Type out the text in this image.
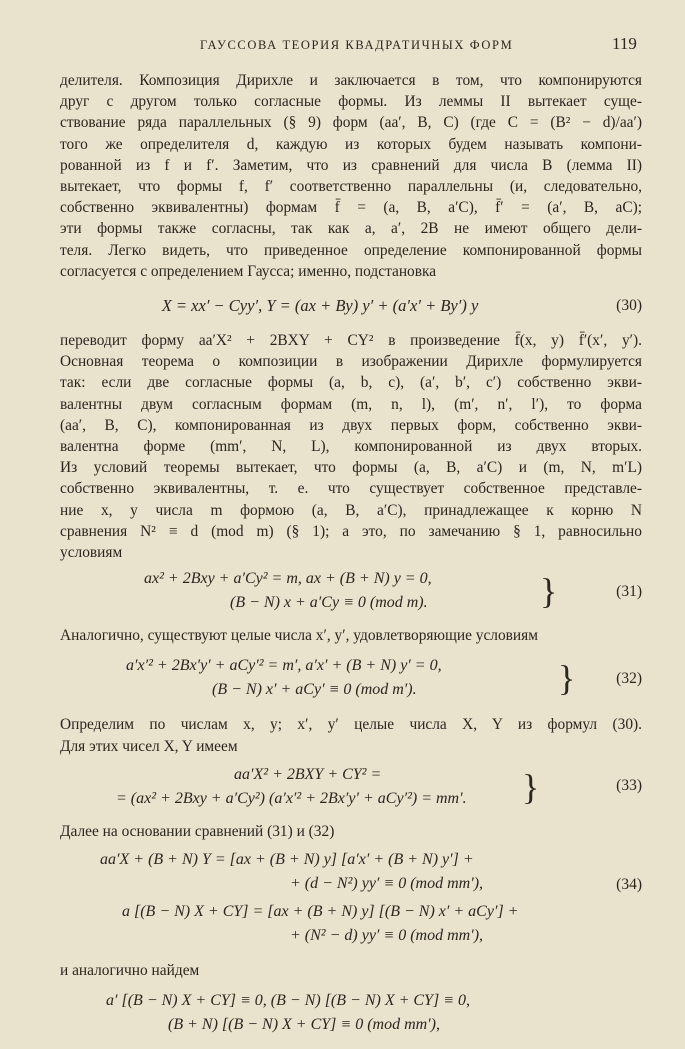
ГАУССОВА ТЕОРИЯ КВАДРАТИЧНЫХ ФОРМ	119
делителя. Композиция Дирихле и заключается в том, что компонируются
друг с другом только согласные формы. Из леммы II вытекает суще-
ствование ряда параллельных (§ 9) форм (aa′, B, C) (где C = (B² − d)/aa′)
того же определителя d, каждую из которых будем называть компони-
рованной из f и f′. Заметим, что из сравнений для числа B (лемма II)
вытекает, что формы f, f′ соответственно параллельны (и, следовательно,
собственно эквивалентны) формам f̄ = (a, B, a′C), f̄′ = (a′, B, aC);
эти формы также согласны, так как a, a′, 2B не имеют общего дели-
теля. Легко видеть, что приведенное определение компонированной формы
согласуется с определением Гаусса; именно, подстановка
X = xx′ − Cyy′, Y = (ax + By) y′ + (a′x′ + By′) y	(30)
переводит форму aa′X² + 2BXY + CY² в произведение f̄(x, y) f̄′(x′, y′).
Основная теорема о композиции в изображении Дирихле формулируется
так: если две согласные формы (a, b, c), (a′, b′, c′) собственно экви-
валентны двум согласным формам (m, n, l), (m′, n′, l′), то форма
(aa′, B, C), компонированная из двух первых форм, собственно экви-
валентна форме (mm′, N, L), компонированной из двух вторых.
Из условий теоремы вытекает, что формы (a, B, a′C) и (m, N, m′L)
собственно эквивалентны, т. е. что существует собственное представле-
ние x, y числа m формою (a, B, a′C), принадлежащее к корню N
сравнения N² ≡ d (mod m) (§ 1); а это, по замечанию § 1, равносильно
условиям
ax² + 2Bxy + a′Cy² = m, ax + (B + N) y = 0,
(B − N) x + a′Cy ≡ 0 (mod m).	}	(31)
Аналогично, существуют целые числа x′, y′, удовлетворяющие условиям
a′x′² + 2Bx′y′ + aCy′² = m′, a′x′ + (B + N) y′ = 0,
(B − N) x′ + aCy′ ≡ 0 (mod m′).	}	(32)
Определим по числам x, y; x′, y′ целые числа X, Y из формул (30).
Для этих чисел X, Y имеем
aa′X² + 2BXY + CY² =
= (ax² + 2Bxy + a′Cy²) (a′x′² + 2Bx′y′ + aCy′²) = mm′. }	(33)
Далее на основании сравнений (31) и (32)
aa′X + (B + N) Y = [ax + (B + N) y] [a′x′ + (B + N) y′] +
+ (d − N²) yy′ ≡ 0 (mod mm′),
a [(B − N) X + CY] = [ax + (B + N) y] [(B − N) x′ + aCy′] +
+ (N² − d) yy′ ≡ 0 (mod mm′),
(34)
и аналогично найдем
a′ [(B − N) X + CY] ≡ 0, (B − N) [(B − N) X + CY] ≡ 0,
(B + N) [(B − N) X + CY] ≡ 0 (mod mm′),
